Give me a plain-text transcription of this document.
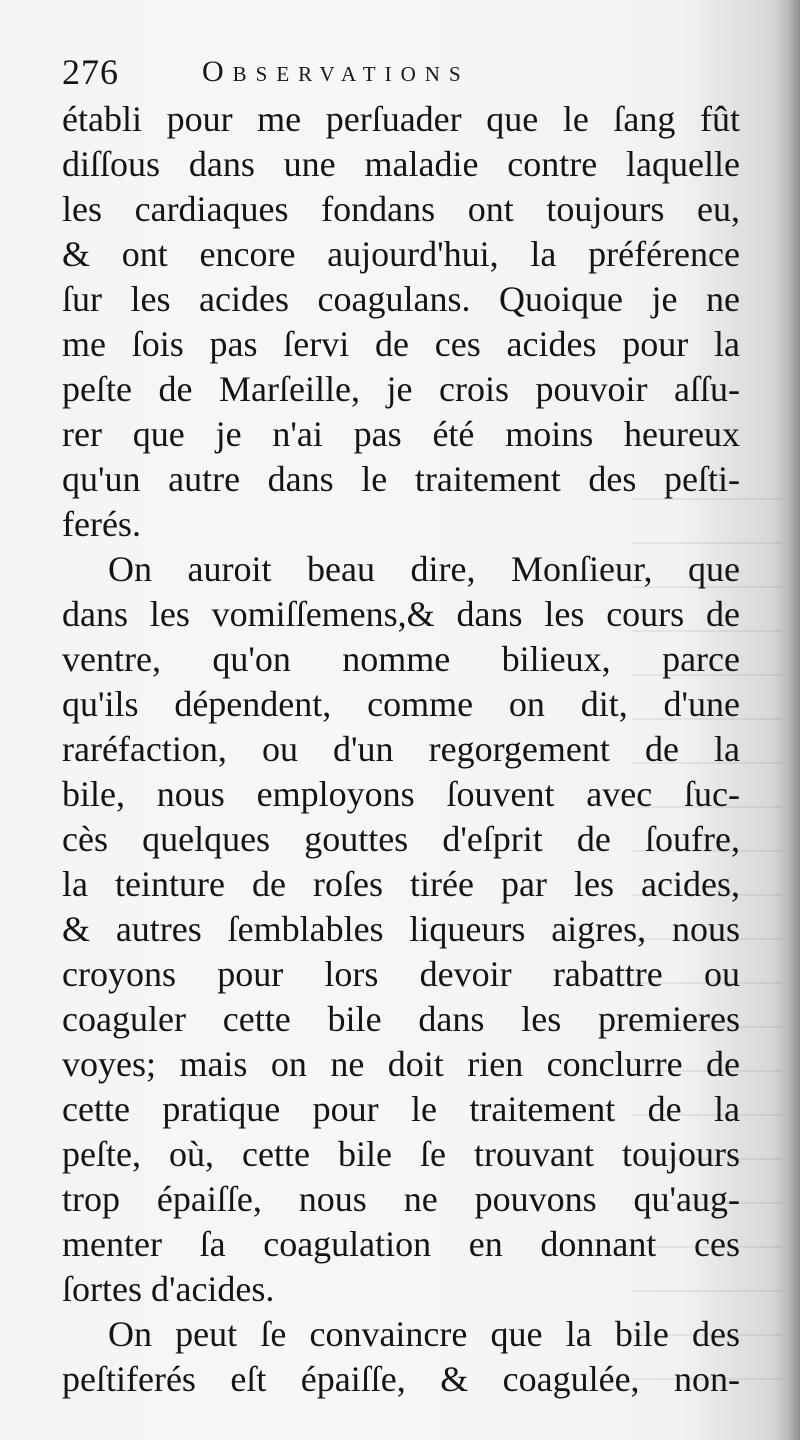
276	Observations
établi pour me perſuader que le ſang fût
diſſous dans une maladie contre laquelle
les cardiaques fondans ont toujours eu,
& ont encore aujourd'hui, la préférence
ſur les acides coagulans. Quoique je ne
me ſois pas ſervi de ces acides pour la
peſte de Marſeille, je crois pouvoir aſſu-
rer que je n'ai pas été moins heureux
qu'un autre dans le traitement des peſti-
ferés.
On auroit beau dire, Monſieur, que
dans les vomiſſemens,& dans les cours de
ventre, qu'on nomme bilieux, parce
qu'ils dépendent, comme on dit, d'une
raréfaction, ou d'un regorgement de la
bile, nous employons ſouvent avec ſuc-
cès quelques gouttes d'eſprit de ſoufre,
la teinture de roſes tirée par les acides,
& autres ſemblables liqueurs aigres, nous
croyons pour lors devoir rabattre ou
coaguler cette bile dans les premieres
voyes; mais on ne doit rien conclurre de
cette pratique pour le traitement de la
peſte, où, cette bile ſe trouvant toujours
trop épaiſſe, nous ne pouvons qu'aug-
menter ſa coagulation en donnant ces
ſortes d'acides.
On peut ſe convaincre que la bile des
peſtiferés eſt épaiſſe, & coagulée, non-
